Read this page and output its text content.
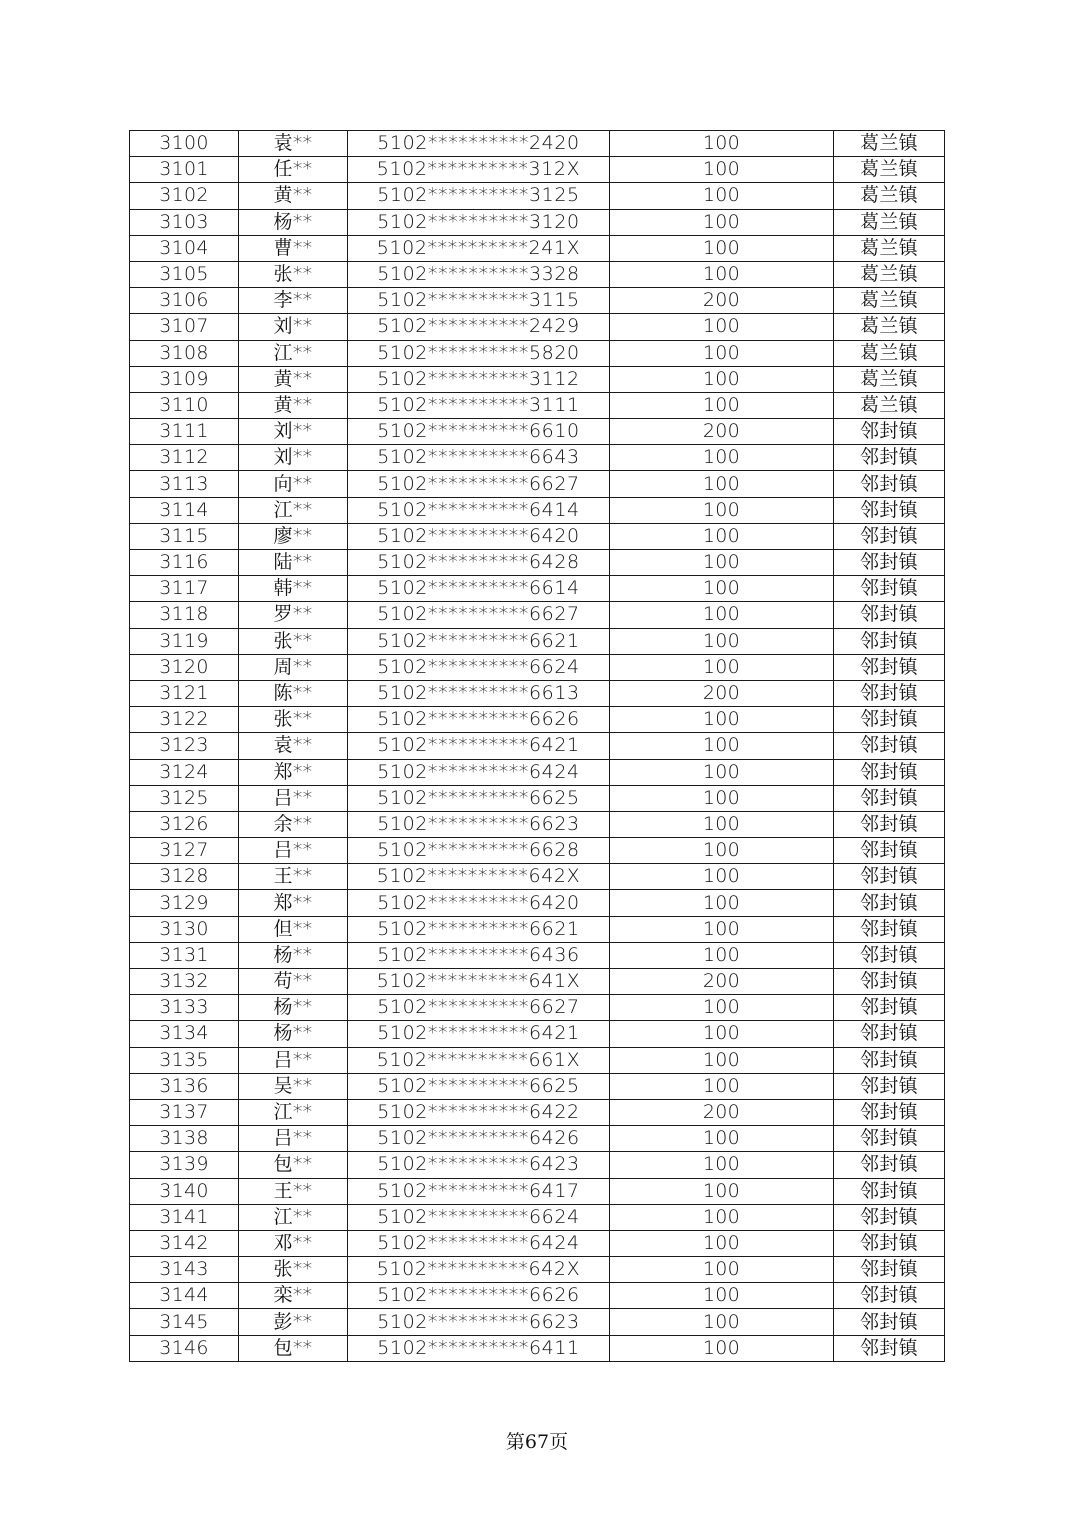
3100	袁**	5102**********2420	100	葛兰镇
3101	任**	5102**********312X	100	葛兰镇
3102	黄**	5102**********3125	100	葛兰镇
3103	杨**	5102**********3120	100	葛兰镇
3104	曹**	5102**********241X	100	葛兰镇
3105	张**	5102**********3328	100	葛兰镇
3106	李**	5102**********3115	200	葛兰镇
3107	刘**	5102**********2429	100	葛兰镇
3108	江**	5102**********5820	100	葛兰镇
3109	黄**	5102**********3112	100	葛兰镇
3110	黄**	5102**********3111	100	葛兰镇
3111	刘**	5102**********6610	200	邻封镇
3112	刘**	5102**********6643	100	邻封镇
3113	向**	5102**********6627	100	邻封镇
3114	江**	5102**********6414	100	邻封镇
3115	廖**	5102**********6420	100	邻封镇
3116	陆**	5102**********6428	100	邻封镇
3117	韩**	5102**********6614	100	邻封镇
3118	罗**	5102**********6627	100	邻封镇
3119	张**	5102**********6621	100	邻封镇
3120	周**	5102**********6624	100	邻封镇
3121	陈**	5102**********6613	200	邻封镇
3122	张**	5102**********6626	100	邻封镇
3123	袁**	5102**********6421	100	邻封镇
3124	郑**	5102**********6424	100	邻封镇
3125	吕**	5102**********6625	100	邻封镇
3126	余**	5102**********6623	100	邻封镇
3127	吕**	5102**********6628	100	邻封镇
3128	王**	5102**********642X	100	邻封镇
3129	郑**	5102**********6420	100	邻封镇
3130	但**	5102**********6621	100	邻封镇
3131	杨**	5102**********6436	100	邻封镇
3132	苟**	5102**********641X	200	邻封镇
3133	杨**	5102**********6627	100	邻封镇
3134	杨**	5102**********6421	100	邻封镇
3135	吕**	5102**********661X	100	邻封镇
3136	吴**	5102**********6625	100	邻封镇
3137	江**	5102**********6422	200	邻封镇
3138	吕**	5102**********6426	100	邻封镇
3139	包**	5102**********6423	100	邻封镇
3140	王**	5102**********6417	100	邻封镇
3141	江**	5102**********6624	100	邻封镇
3142	邓**	5102**********6424	100	邻封镇
3143	张**	5102**********642X	100	邻封镇
3144	栾**	5102**********6626	100	邻封镇
3145	彭**	5102**********6623	100	邻封镇
3146	包**	5102**********6411	100	邻封镇
第67页
